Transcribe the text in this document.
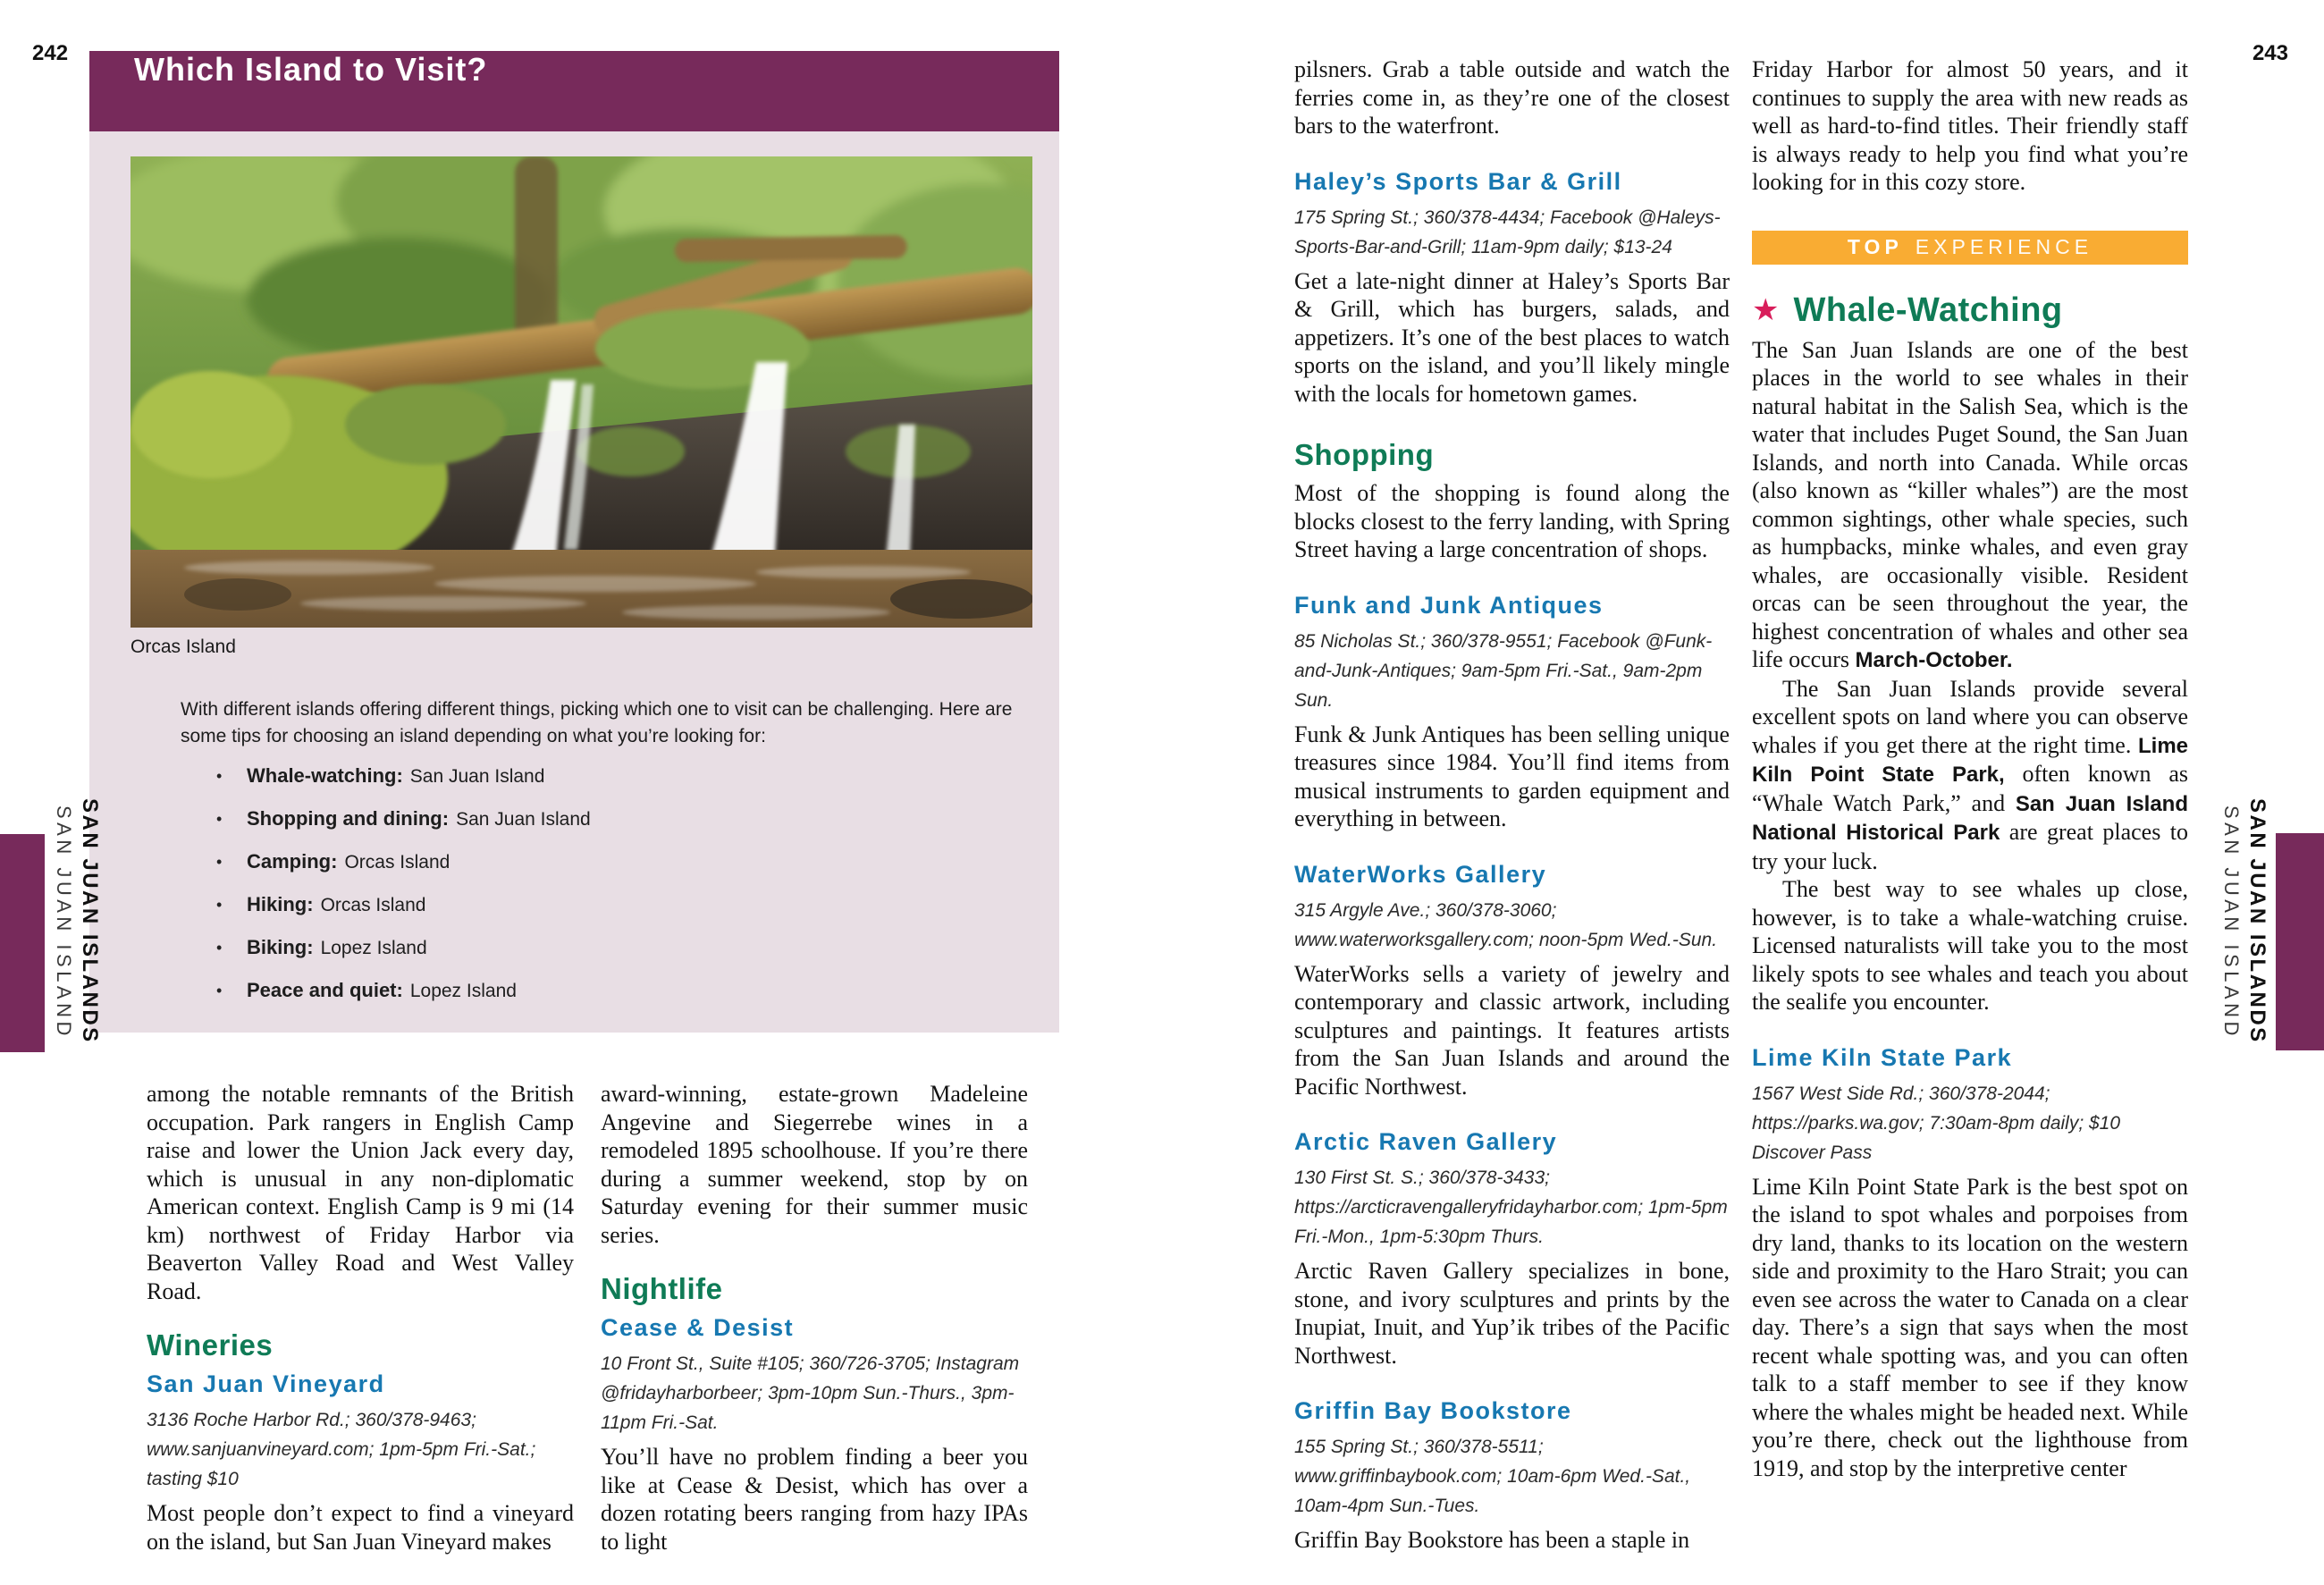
242	243
Which Island to Visit?
Orcas Island
With different islands offering different things, picking which one to visit can be challenging. Here are some tips for choosing an island depending on what you’re looking for:
• Whale-watching: San Juan Island
• Shopping and dining: San Juan Island
• Camping: Orcas Island
• Hiking: Orcas Island
• Biking: Lopez Island
• Peace and quiet: Lopez Island

among the notable remnants of the British occupation. Park rangers in English Camp raise and lower the Union Jack every day, which is unusual in any non-diplomatic American context. English Camp is 9 mi (14 km) northwest of Friday Harbor via Beaverton Valley Road and West Valley Road.

Wineries
San Juan Vineyard
3136 Roche Harbor Rd.; 360/378-9463; www.sanjuanvineyard.com; 1pm-5pm Fri.-Sat.; tasting $10

Most people don’t expect to find a vineyard on the island, but San Juan Vineyard makes

award-winning, estate-grown Madeleine Angevine and Siegerrebe wines in a remodeled 1895 schoolhouse. If you’re there during a summer weekend, stop by on Saturday evening for their summer music series.

Nightlife
Cease & Desist
10 Front St., Suite #105; 360/726-3705; Instagram @fridayharborbeer; 3pm-10pm Sun.-Thurs., 3pm-11pm Fri.-Sat.

You’ll have no problem finding a beer you like at Cease & Desist, which has over a dozen rotating beers ranging from hazy IPAs to light

pilsners. Grab a table outside and watch the ferries come in, as they’re one of the closest bars to the waterfront.

Haley’s Sports Bar & Grill
175 Spring St.; 360/378-4434; Facebook @Haleys-Sports-Bar-and-Grill; 11am-9pm daily; $13-24

Get a late-night dinner at Haley’s Sports Bar & Grill, which has burgers, salads, and appetizers. It’s one of the best places to watch sports on the island, and you’ll likely mingle with the locals for hometown games.

Shopping

Most of the shopping is found along the blocks closest to the ferry landing, with Spring Street having a large concentration of shops.

Funk and Junk Antiques
85 Nicholas St.; 360/378-9551; Facebook @Funk-and-Junk-Antiques; 9am-5pm Fri.-Sat., 9am-2pm Sun.

Funk & Junk Antiques has been selling unique treasures since 1984. You’ll find items from musical instruments to garden equipment and everything in between.

WaterWorks Gallery
315 Argyle Ave.; 360/378-3060; www.waterworksgallery.com; noon-5pm Wed.-Sun.

WaterWorks sells a variety of jewelry and contemporary and classic artwork, including sculptures and paintings. It features artists from the San Juan Islands and around the Pacific Northwest.

Arctic Raven Gallery
130 First St. S.; 360/378-3433; https://arcticravengalleryfridayharbor.com; 1pm-5pm Fri.-Mon., 1pm-5:30pm Thurs.

Arctic Raven Gallery specializes in bone, stone, and ivory sculptures and prints by the Inupiat, Inuit, and Yup’ik tribes of the Pacific Northwest.

Griffin Bay Bookstore
155 Spring St.; 360/378-5511; www.griffinbaybook.com; 10am-6pm Wed.-Sat., 10am-4pm Sun.-Tues.

Griffin Bay Bookstore has been a staple in

Friday Harbor for almost 50 years, and it continues to supply the area with new reads as well as hard-to-find titles. Their friendly staff is always ready to help you find what you’re looking for in this cozy store.

TOP EXPERIENCE
★ Whale-Watching

The San Juan Islands are one of the best places in the world to see whales in their natural habitat in the Salish Sea, which is the water that includes Puget Sound, the San Juan Islands, and north into Canada. While orcas (also known as “killer whales”) are the most common sightings, other whale species, such as humpbacks, minke whales, and even gray whales, are occasionally visible. Resident orcas can be seen throughout the year, the highest concentration of whales and other sea life occurs March-October.

The San Juan Islands provide several excellent spots on land where you can observe whales if you get there at the right time. Lime Kiln Point State Park, often known as “Whale Watch Park,” and San Juan Island National Historical Park are great places to try your luck.

The best way to see whales up close, however, is to take a whale-watching cruise. Licensed naturalists will take you to the most likely spots to see whales and teach you about the sealife you encounter.

Lime Kiln State Park
1567 West Side Rd.; 360/378-2044; https://parks.wa.gov; 7:30am-8pm daily; $10 Discover Pass

Lime Kiln Point State Park is the best spot on the island to spot whales and porpoises from dry land, thanks to its location on the western side and proximity to the Haro Strait; you can even see across the water to Canada on a clear day. There’s a sign that says when the most recent whale spotting was, and you can often talk to a staff member to see if they know where the whales might be headed next. While you’re there, check out the lighthouse from 1919, and stop by the interpretive center

SAN JUAN ISLANDS
SAN JUAN ISLAND	SAN JUAN ISLANDS
SAN JUAN ISLAND
